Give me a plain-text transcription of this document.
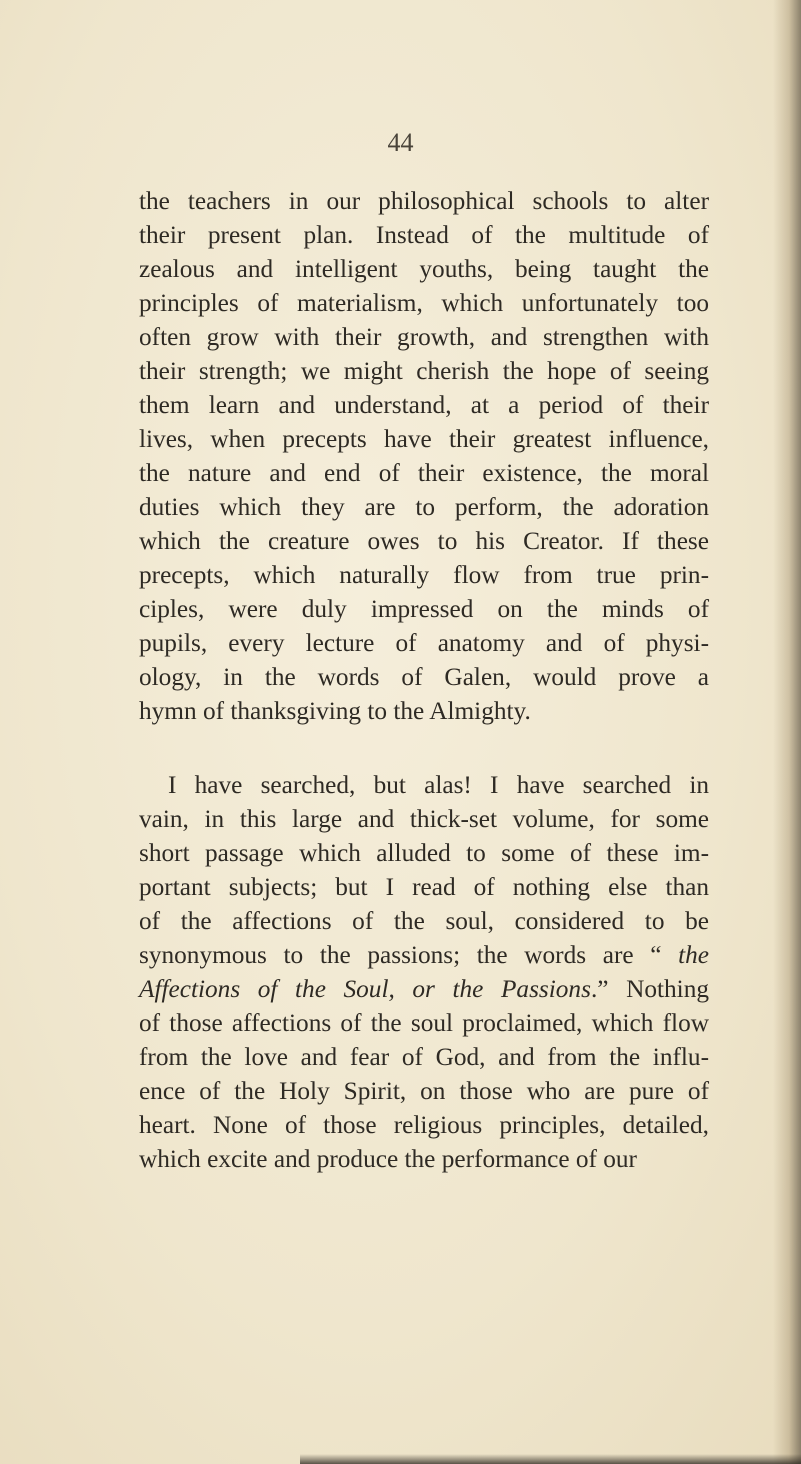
44
the teachers in our philosophical schools to alter
their present plan. Instead of the multitude of
zealous and intelligent youths, being taught the
principles of materialism, which unfortunately too
often grow with their growth, and strengthen with
their strength; we might cherish the hope of seeing
them learn and understand, at a period of their
lives, when precepts have their greatest influence,
the nature and end of their existence, the moral
duties which they are to perform, the adoration
which the creature owes to his Creator. If these
precepts, which naturally flow from true prin-
ciples, were duly impressed on the minds of
pupils, every lecture of anatomy and of physi-
ology, in the words of Galen, would prove a
hymn of thanksgiving to the Almighty.
I have searched, but alas! I have searched in
vain, in this large and thick-set volume, for some
short passage which alluded to some of these im-
portant subjects; but I read of nothing else than
of the affections of the soul, considered to be
synonymous to the passions; the words are “ the
Affections of the Soul, or the Passions.” Nothing
of those affections of the soul proclaimed, which flow
from the love and fear of God, and from the influ-
ence of the Holy Spirit, on those who are pure of
heart. None of those religious principles, detailed,
which excite and produce the performance of our
